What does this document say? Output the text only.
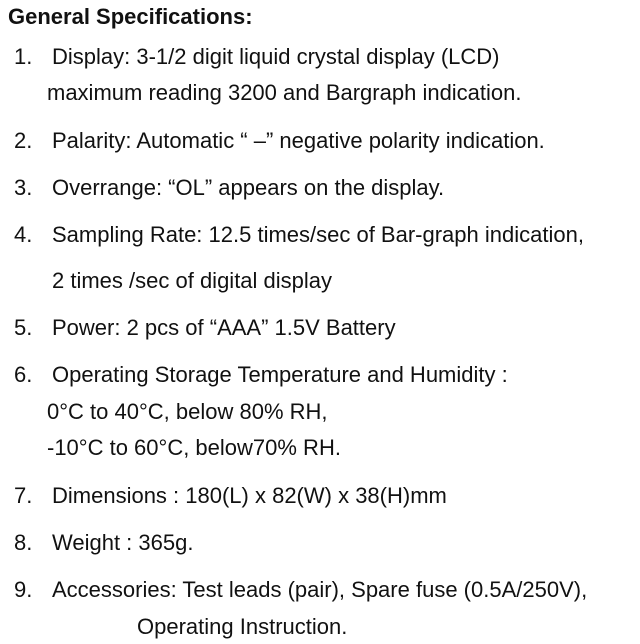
General Specifications:
1. Display: 3-1/2 digit liquid crystal display (LCD)
maximum reading 3200 and Bargraph indication.
2. Palarity: Automatic “ –” negative polarity indication.
3. Overrange: “OL” appears on the display.
4. Sampling Rate: 12.5 times/sec of Bar-graph indication,
2 times /sec of digital display
5. Power: 2 pcs of “AAA” 1.5V Battery
6. Operating Storage Temperature and Humidity :
0°C to 40°C, below 80% RH,
-10°C to 60°C, below70% RH.
7. Dimensions : 180(L) x 82(W) x 38(H)mm
8. Weight : 365g.
9. Accessories: Test leads (pair), Spare fuse (0.5A/250V),
Operating Instruction.
